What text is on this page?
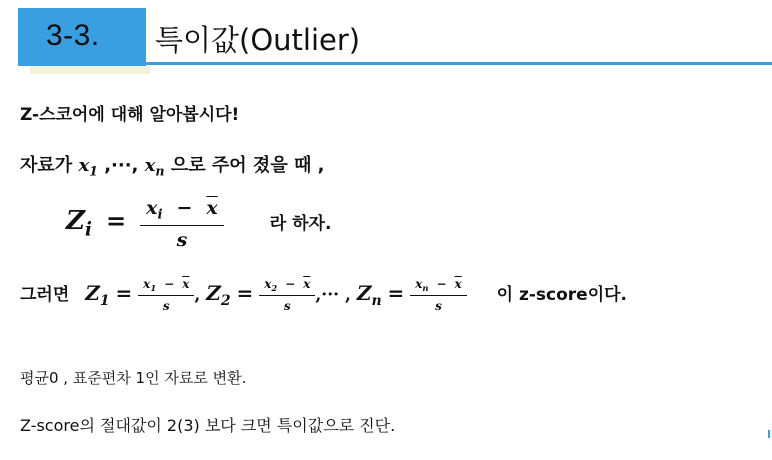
3-3. 특이값(Outlier)
Z-스코어에 대해 알아봅시다!
자료가 $x_1$ ,···, $x_n$ 으로 주어 졌을 때 ,
$Z_i = \frac{x_i - \overline{x}}{s}$	라 하자.
그러면 $Z_1 = \frac{x_1 - \overline{x}}{s}$ , $Z_2 = \frac{x_2 - \overline{x}}{s}$ ,··· , $Z_n = \frac{x_n - \overline{x}}{s}$ 이 z-score이다.
평균0 , 표준편차 1인 자료로 변환.
Z-score의 절대값이 2(3) 보다 크면 특이값으로 진단.
